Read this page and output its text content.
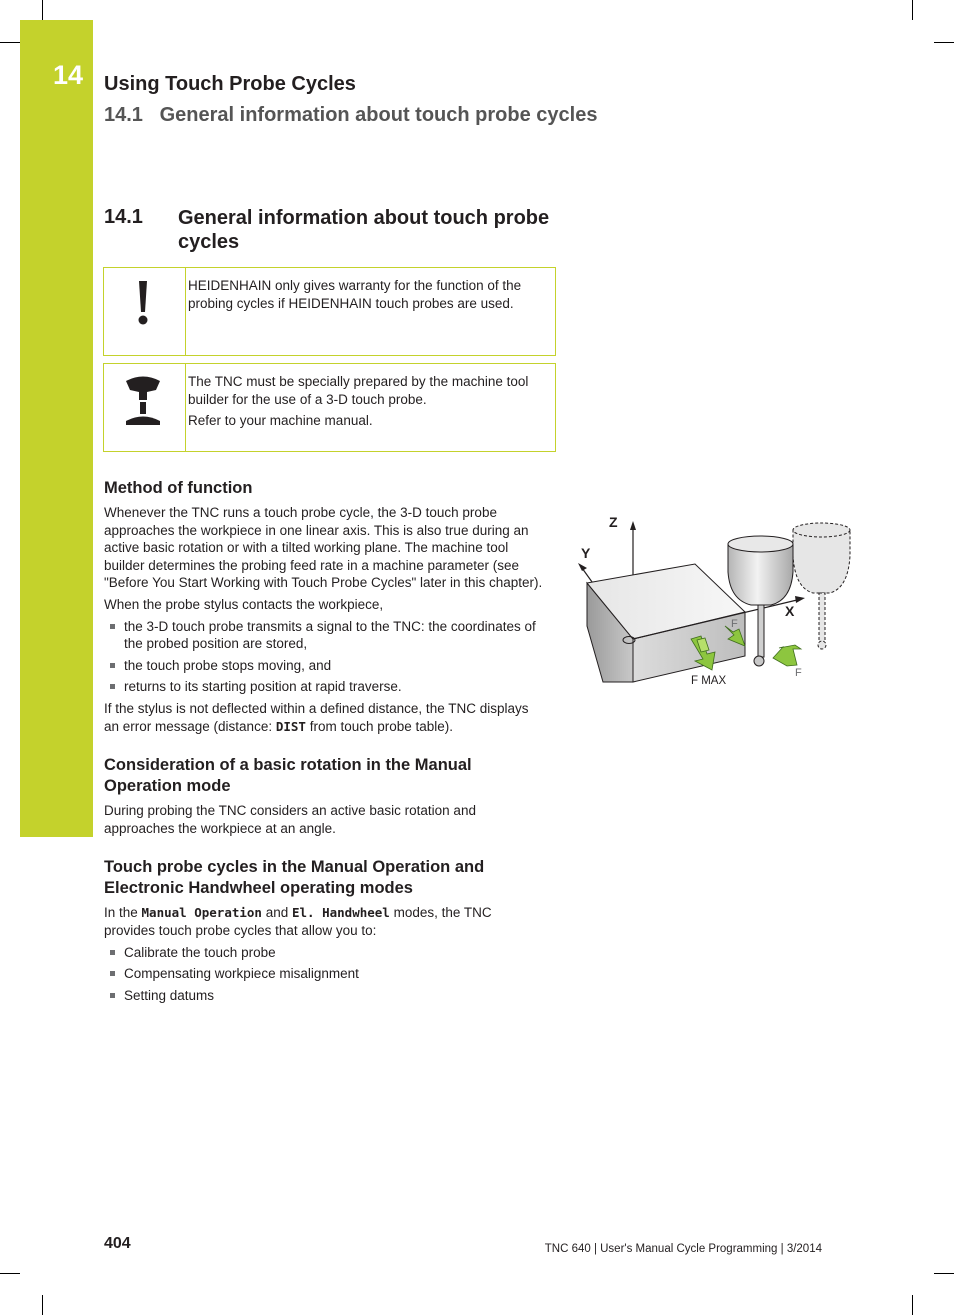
14 Using Touch Probe Cycles
14.1   General information about touch probe cycles
14.1 General information about touch probe cycles

HEIDENHAIN only gives warranty for the function of the probing cycles if HEIDENHAIN touch probes are used.

The TNC must be specially prepared by the machine tool builder for the use of a 3-D touch probe.

Refer to your machine manual.

Method of function

Whenever the TNC runs a touch probe cycle, the 3-D touch probe approaches the workpiece in one linear axis. This is also true during an active basic rotation or with a tilted working plane. The machine tool builder determines the probing feed rate in a machine parameter (see "Before You Start Working with Touch Probe Cycles" later in this chapter).

When the probe stylus contacts the workpiece,

the 3-D touch probe transmits a signal to the TNC: the coordinates of the probed position are stored,
the touch probe stops moving, and
returns to its starting position at rapid traverse.

If the stylus is not deflected within a defined distance, the TNC displays an error message (distance: DIST from touch probe table).

Consideration of a basic rotation in the Manual Operation mode

During probing the TNC considers an active basic rotation and approaches the workpiece at an angle.

Touch probe cycles in the Manual Operation and Electronic Handwheel operating modes

In the Manual Operation and El. Handwheel modes, the TNC provides touch probe cycles that allow you to:

Calibrate the touch probe
Compensating workpiece misalignment
Setting datums
Z
Y
X
F MAX
F
F
404	TNC 640 | User's Manual Cycle Programming | 3/2014
